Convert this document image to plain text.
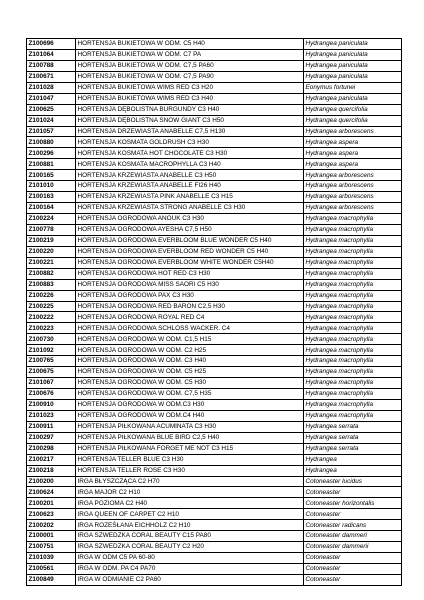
Z100696	HORTENSJA BUKIETOWA W ODM. C5 H40	Hydrangea paniculata
Z101064	HORTENSJA BUKIETOWA W ODM. C7 PA	Hydrangea paniculata
Z100788	HORTENSJA BUKIETOWA W ODM. C7,5 PA60	Hydrangea paniculata
Z100671	HORTENSJA BUKIETOWA W ODM. C7,5 PA90	Hydrangea paniculata
Z101028	HORTENSJA BUKIETOWA WIMS RED C3 H20	Eonymus fortunei
Z101047	HORTENSJA BUKIETOWA WIMS RED C3 H40	Hydrangea paniculata
Z100625	HORTENSJA DĘBOLISTNA BURGUNDY C3 H40	Hydrangea quercifolia
Z101024	HORTENSJA DĘBOLISTNA SNOW GIANT C3 H50	Hydrangea quercifolia
Z101057	HORTENSJA DRZEWIASTA ANABELLE C7,5 H130	Hydrangea arborescens
Z100880	HORTENSJA KOSMATA GOLDRUSH C3 H30	Hydrangea aspera
Z100296	HORTENSJA KOSMATA HOT CHOCOLATE C3 H30	Hydrangea aspera
Z100881	HORTENSJA KOSMATA MACROPHYLLA C3 H40	Hydrangea aspera
Z100165	HORTENSJA KRZEWIASTA ANABELLE C3 H50	Hydrangea arborescens
Z101010	HORTENSJA KRZEWIASTA ANABELLE FI26 H40	Hydrangea arborescens
Z100163	HORTENSJA KRZEWIASTA PINK ANABELLE C3 H15	Hydrangea arborescens
Z100164	HORTENSJA KRZEWIASTA STRONG ANABELLE C3 H30	Hydrangea arborescens
Z100224	HORTENSJA OGRODOWA ANOUK C3 H30	Hydrangea macrophylla
Z100778	HORTENSJA OGRODOWA AYESHA C7,5 H50	Hydrangea macrophylla
Z100219	HORTENSJA OGRODOWA EVERBLOOM BLUE WONDER C5 H40	Hydrangea macrophylla
Z100220	HORTENSJA OGRODOWA EVERBLOOM RED WONDER C5 H40	Hydrangea macrophylla
Z100221	HORTENSJA OGRODOWA EVERBLOOM WHITE WONDER C5H40	Hydrangea macrophylla
Z100882	HORTENSJA OGRODOWA HOT RED C3 H30	Hydrangea macrophylla
Z100883	HORTENSJA OGRODOWA MISS SAORI C5 H30	Hydrangea macrophylla
Z100226	HORTENSJA OGRODOWA PAX C3 H30	Hydrangea macrophylla
Z100225	HORTENSJA OGRODOWA RED BARON C2,5 H30	Hydrangea macrophylla
Z100222	HORTENSJA OGRODOWA ROYAL RED C4	Hydrangea macrophylla
Z100223	HORTENSJA OGRODOWA SCHLOSS WACKER. C4	Hydrangea macrophylla
Z100730	HORTENSJA OGRODOWA W ODM. C1,5 H15	Hydrangea macrophylla
Z101092	HORTENSJA OGRODOWA W ODM. C2 H25	Hydrangea macrophylla
Z100765	HORTENSJA OGRODOWA W ODM. C3 H40	Hydrangea macrophylla
Z100675	HORTENSJA OGRODOWA W ODM. C5 H25	Hydrangea macrophylla
Z101067	HORTENSJA OGRODOWA W ODM. C5 H30	Hydrangea macrophylla
Z100676	HORTENSJA OGRODOWA W ODM. C7,5 H35	Hydrangea macrophylla
Z100910	HORTENSJA OGRODOWA W ODM.C3 H30	Hydrangea macrophylla
Z101023	HORTENSJA OGRODOWA W ODM.C4 H40	Hydrangea macrophylla
Z100911	HORTENSJA PIŁKOWANA ACUMINATA C3 H30	Hydrangea serrata
Z100297	HORTENSJA PIŁKOWANA BLUE BIRD C2,5 H40	Hydrangea serrata
Z100298	HORTENSJA PIŁKOWANA FORGET ME NOT C3 H15	Hydrangea serrata
Z100217	HORTENSJA TELLER BLUE C3 H30	Hydrangea
Z100218	HORTENSJA TELLER ROSE C3 H30	Hydrangea
Z100200	IRGA BŁYSZCZĄCA C2 H70	Cotoneaster lucidus
Z100624	IRGA MAJOR C2 H10	Cotoneaster
Z100201	IRGA POZIOMA C2 H40	Cotoneaster horizontalis
Z100623	IRGA QUEEN OF CARPET C2 H10	Cotoneaster
Z100202	IRGA ROZEŚŁANA EICHHOLZ C2 H10	Cotoneaster radicans
Z100001	IRGA SZWEDZKA CORAL BEAUTY C15 PA80	Cotoneaster dammeri
Z100751	IRGA SZWEDZKA CORAL BEAUTY C2 H20	Cotoneaster dammerii
Z101039	IRGA W ODM C5 PA 60-80	Cotoneaster
Z100561	IRGA W ODM. PA C4 PA70	Cotoneaster
Z100849	IRGA W ODMIANIE C2 PA60	Cotoneaster
